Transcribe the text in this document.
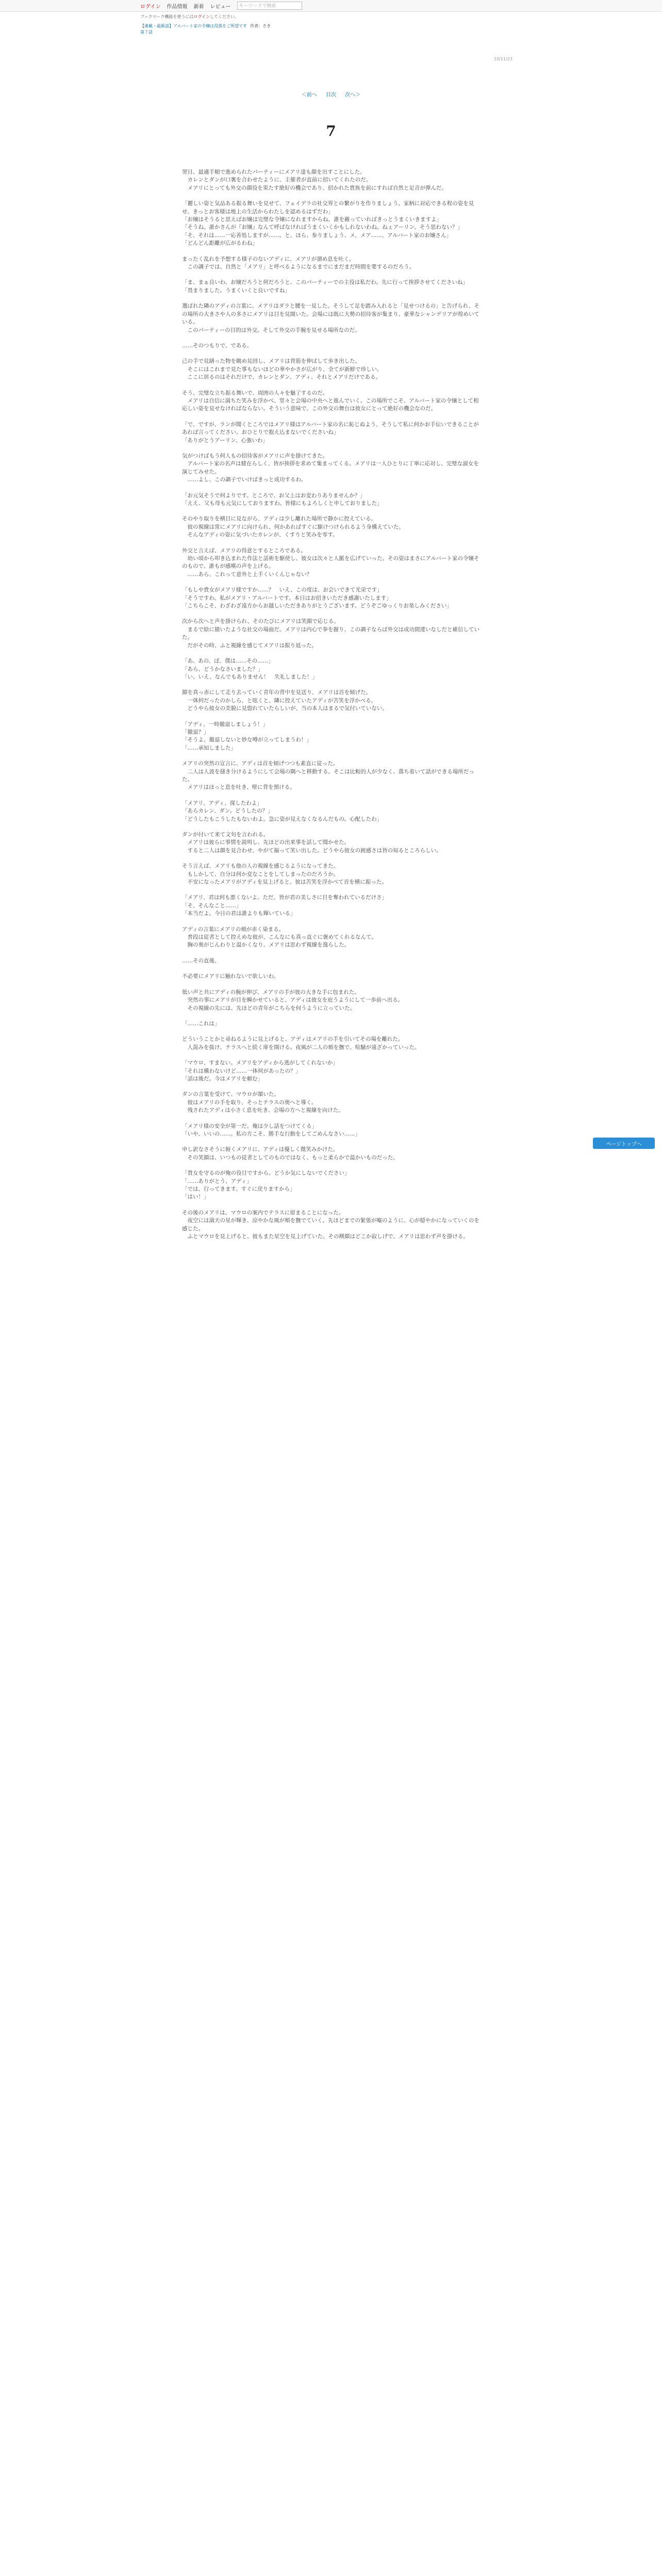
ログイン 作品情報 新着 レビュー
キーワードで検索
ブックマーク機能を使うにはログインしてください。
【連載・最新話】アルバート家の令嬢は没落をご所望です 作者：さき
第７話
10/11/23
＜前へ 目次 次へ＞
7
翌日、最適手順で進められたパーティーにメアリ達も顔を出すことにした。
　カレンとダンが口裏を合わせたように、主催者が直前に招いてくれたのだ。
　メアリにとっても外交の顔役を果たす絶好の機会であり、招かれた貴族を前にすれば自然と足音が弾んだ。
「麗しい姿と気品ある振る舞いを見せて、フェイデラの社交界との繋がりを作りましょう。家柄に対応できる程の姿を見せ、きっとお客様は地上の生活からわたしを認めるはずだわ」
「お嬢はそうると思えばお嬢は完璧な令嬢になれますからね。誰を敵っていればきっとうまくいきますよ」
「そうね。誰かさんが『お嬢』なんて呼ばなければうまくいくかもしれないわね。ねぇアーリン、そう思わない？」
「そ、それは……一応善処しますが……。と、ほら、参りましょう、メ、メア……、アルバート家のお嬢さん」
「どんどん距離が広がるわね」
まったく乱れを予想する様子のないアディに、メアリが溜め息を吐く。
　この調子では、自然と「メアリ」と呼べるようになるまでにまだまだ時間を要するのだろう。
「ま、まぁ良いわ。お嬢だろうと何だろうと、このパーティーでの主役は私だわ。先に行って挨拶させてくださいね」
「畏まりました。うまくいくと良いですね」
選ばれた隣のアディの言葉に、メアリはダラと腰を一見した。そうして足を踏み入れると「見せつけるの」と告げられ、その場所の大きさや人の多さにメアリは目を見開いた。会場には既に大勢の招待客が集まり、豪華なシャンデリアが煌めいている。
　このパーティーの目的は外交。そして外交の手腕を見せる場所なのだ。
……そのつもりで、である。
己の手で見繕った物を眺め見回し、メアリは背筋を伸ばして歩き出した。
　そこにはこれまで見た事もないほどの華やかさが広がり、全てが新鮮で珍しい。
　ここに居るのはそれだけで、カレンとダン、アディ、それとメアリだけである。
そう、完璧な立ち振る舞いで、周囲の人々を魅了するのだ。
　メアリは自信に満ちた笑みを浮かべ、堂々と会場の中央へと進んでいく。この場所でこそ、アルバート家の令嬢として相応しい姿を見せなければならない。そういう意味で、この外交の舞台は彼女にとって絶好の機会なのだ。
「で、ですが、ランが聞くところではメアリ様はアルバート家の名に恥じぬよう、そうして私に何かお手伝いできることがあれば言ってください。おひとりで抱え込まないでくださいね」
「ありがとうアーリン、心強いわ」
気がつけばもう何人もの招待客がメアリに声を掛けてきた。
　アルバート家の名声は健在らしく、皆が挨拶を求めて集まってくる。メアリは一人ひとりに丁寧に応対し、完璧な淑女を演じてみせた。
　……よし、この調子でいけばきっと成功するわ。
「お元気そうで何よりです。ところで、お父上はお変わりありませんか？」
「ええ、父も母も元気にしておりますわ。皆様にもよろしくと申しておりました」
そのやり取りを横目に見ながら、アディは少し離れた場所で静かに控えている。
　彼の視線は常にメアリに向けられ、何かあればすぐに駆けつけられるよう身構えていた。
　そんなアディの姿に気づいたカレンが、くすりと笑みを零す。
外交と言えば、メアリの得意とするところである。
　幼い頃から叩き込まれた作法と話術を駆使し、彼女は次々と人脈を広げていった。その姿はまさにアルバート家の令嬢そのもので、誰もが感嘆の声を上げる。
　……あら、これって意外と上手くいくんじゃない？
「もしや貴女がメアリ様ですか……？　いえ、この度は、お会いできて光栄です」
「そうですわ。私がメアリ・アルバートです。本日はお招きいただき感謝いたします」
「こちらこそ、わざわざ遠方からお越しいただきありがとうございます。どうぞごゆっくりお楽しみください」
次から次へと声を掛けられ、そのたびにメアリは笑顔で応じる。
　まるで絵に描いたような社交の場面だ。メアリは内心で拳を握り、この調子ならば外交は成功間違いなしだと確信していた。
　だがその時、ふと視線を感じてメアリは振り返った。
「あ、あの、ぼ、僕は……その……」
「あら、どうかなさいました？」
「い、いえ、なんでもありません！　失礼しました！」
顔を真っ赤にして走り去っていく青年の背中を見送り、メアリは首を傾げた。
　一体何だったのかしら、と呟くと、隣に控えていたアディが苦笑を浮かべる。
　どうやら彼女の美貌に見惚れていたらしいが、当の本人はまるで気付いていない。
「アディ、一時撤退しましょう！」
「撤退？」
「そうよ、撤退しないと妙な噂が立ってしまうわ！」
「……承知しました」
メアリの突然の宣言に、アディは首を傾げつつも素直に従った。
　二人は人波を掻き分けるようにして会場の隅へと移動する。そこは比較的人が少なく、落ち着いて話ができる場所だった。
　メアリはほっと息を吐き、壁に背を預ける。
「メアリ、アディ、探したわよ」
「あらカレン、ダン。どうしたの？」
「どうしたもこうしたもないわよ。急に姿が見えなくなるんだもの。心配したわ」
ダンが付いて来て文句を言われる。
　メアリは彼らに事情を説明し、先ほどの出来事を話して聞かせた。
　すると二人は顔を見合わせ、やがて揃って笑い出した。どうやら彼女の鈍感さは皆の知るところらしい。
そう言えば、メアリも他の人の視線を感じるようになってきた。
　もしかして、自分は何か変なことをしてしまったのだろうか。
　不安になったメアリがアディを見上げると、彼は苦笑を浮かべて首を横に振った。
「メアリ、君は何も悪くないよ。ただ、皆が君の美しさに目を奪われているだけさ」
「そ、そんなこと……」
「本当だよ。今日の君は誰よりも輝いている」
アディの言葉にメアリの頬が赤く染まる。
　普段は従者として控えめな彼が、こんなにも真っ直ぐに褒めてくれるなんて。
　胸の奥がじんわりと温かくなり、メアリは思わず視線を逸らした。
……その直後、
不必要にメアリに触れないで欲しいわ。
低い声と共にアディの腕が伸び、メアリの手が彼の大きな手に包まれた。
　突然の事にメアリが目を瞬かせていると、アディは彼女を庇うようにして一歩前へ出る。
　その視線の先には、先ほどの青年がこちらを伺うように立っていた。
「……これは」
どういうことかと尋ねるように見上げると、アディはメアリの手を引いてその場を離れた。
　人混みを抜け、テラスへと続く扉を開ける。夜風が二人の頬を撫で、喧騒が遠ざかっていった。
「マウロ、すまない。メアリをアディから逃がしてくれないか」
「それは構わないけど……一体何があったの？」
「話は後だ。今はメアリを頼む」
ダンの言葉を受けて、マウロが頷いた。
　彼はメアリの手を取り、そっとテラスの奥へと導く。
　残されたアディは小さく息を吐き、会場の方へと視線を向けた。
「メアリ様の安全が第一だ。俺は少し話をつけてくる」
「いや、いいの……。私の方こそ、勝手な行動をしてごめんなさい……」
申し訳なさそうに俯くメアリに、アディは優しく微笑みかけた。
　その笑顔は、いつもの従者としてのものではなく、もっと柔らかで温かいものだった。
「貴女を守るのが俺の役目ですから。どうか気にしないでください」
「……ありがとう、アディ」
「では、行ってきます。すぐに戻りますから」
「はい！」
その後のメアリは、マウロの案内でテラスに留まることになった。
　夜空には満天の星が輝き、涼やかな風が頬を撫でていく。先ほどまでの緊張が嘘のように、心が穏やかになっていくのを感じた。
　ふとマウロを見上げると、彼もまた星空を見上げていた。その横顔はどこか寂しげで、メアリは思わず声を掛ける。
ページトップへ
